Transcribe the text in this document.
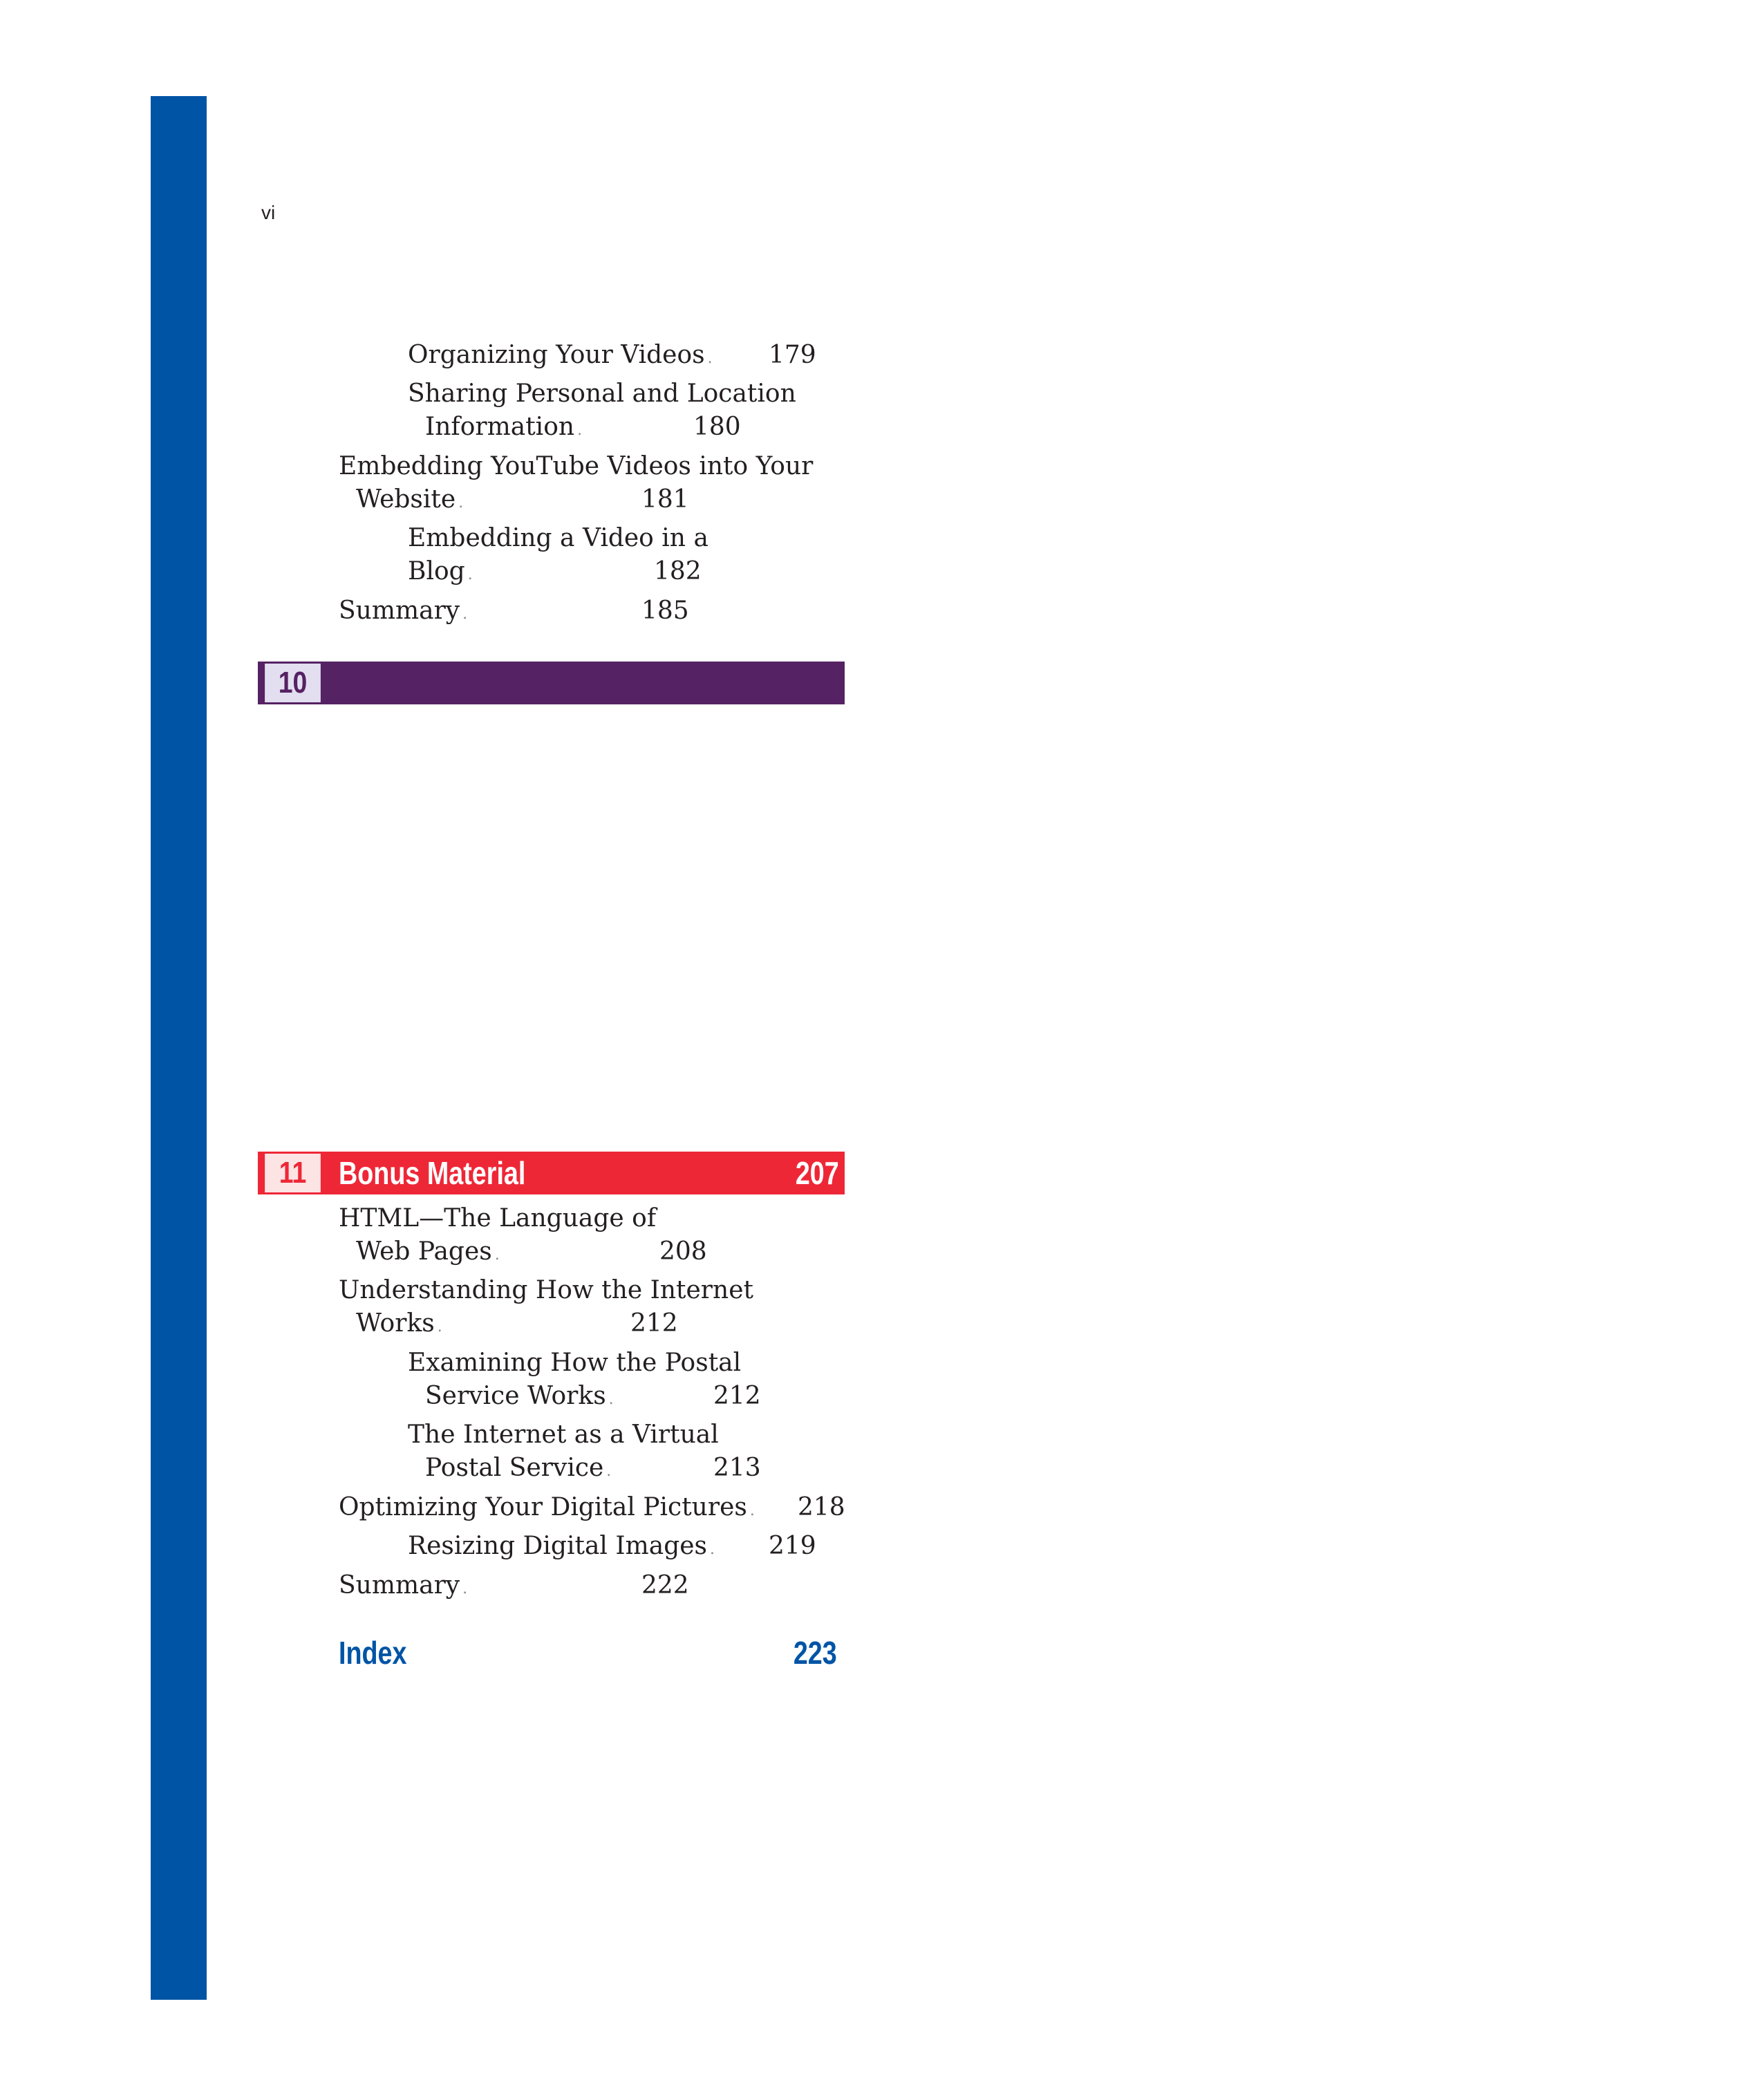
vi
Organizing Your Videos . 179
Sharing Personal and Location
Information .	180
Embedding YouTube Videos into Your
Website .	181
Embedding a Video in a
Blog .	182
Summary .	185
10
11	Bonus Material	207
HTML—The Language of
Web Pages .	208
Understanding How the Internet
Works .	212
Examining How the Postal
Service Works .	212
The Internet as a Virtual
Postal Service .	213
Optimizing Your Digital Pictures . 218
Resizing Digital Images . 219
Summary .	222
Index	223
